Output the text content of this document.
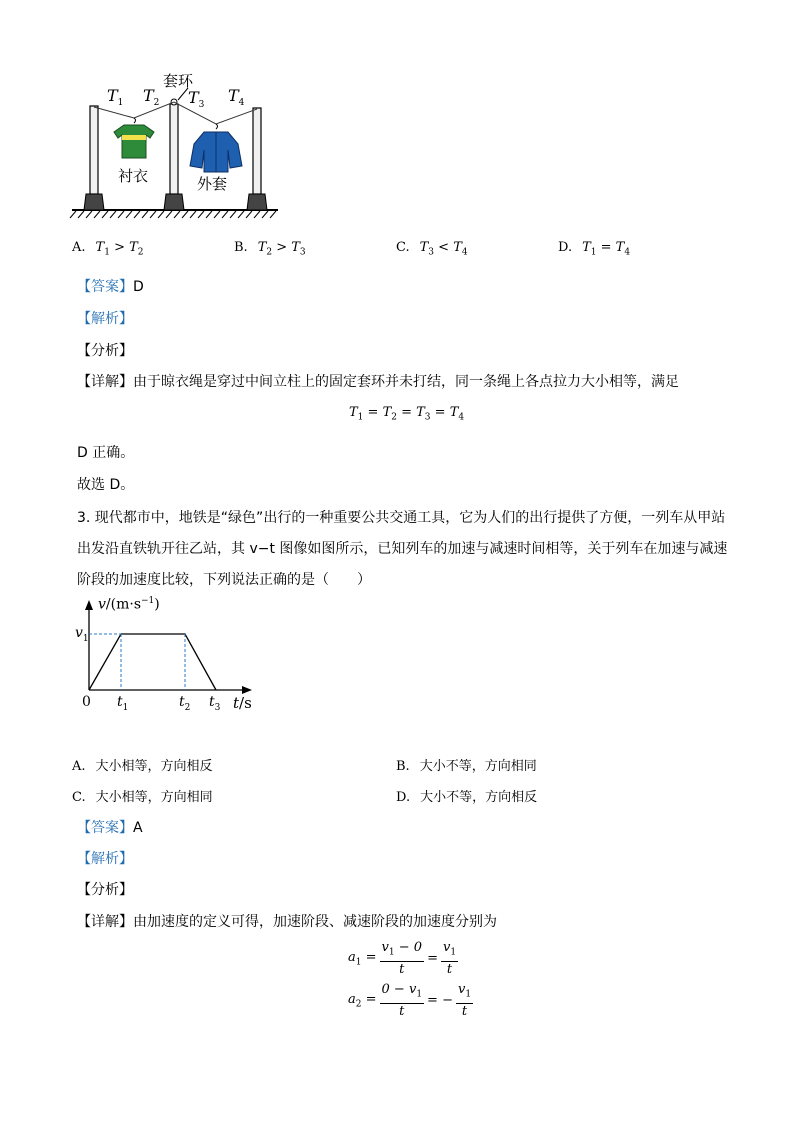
$T_1$ $T_2$ $T_3$
$T_4$
套环
衬衣	外套
A. $T_1 > T_2$	B. $T_2 > T_3$	C. $T_3 < T_4$	D. $T_1 = T_4$
【答案】D
【解析】
【分析】
【详解】由于晾衣绳是穿过中间立柱上的固定套环并未打结，同一条绳上各点拉力大小相等，满足
$T_1 = T_2 = T_3 = T_4$
D 正确。
故选 D。
3. 现代都市中，地铁是“绿色”出行的一种重要公共交通工具，它为人们的出行提供了方便，一列车从甲站
出发沿直铁轨开往乙站，其 v−t 图像如图所示，已知列车的加速与减速时间相等，关于列车在加速与减速
阶段的加速度比较，下列说法正确的是（　　）
$v/(m\cdot s^{-1})$
$v_1$
0 $t_1$	$t_2$ $t_3$ t/s
A. 大小相等，方向相反	B. 大小不等，方向相同
C. 大小相等，方向相同	D. 大小不等，方向相反
【答案】A
【解析】
【分析】
【详解】由加速度的定义可得，加速阶段、减速阶段的加速度分别为
$a_1 = \frac{v_1 - 0}{t} = \frac{v_1}{t}$
$a_2 = \frac{0 - v_1}{t}$ = − $\frac{v_1}{t}$
